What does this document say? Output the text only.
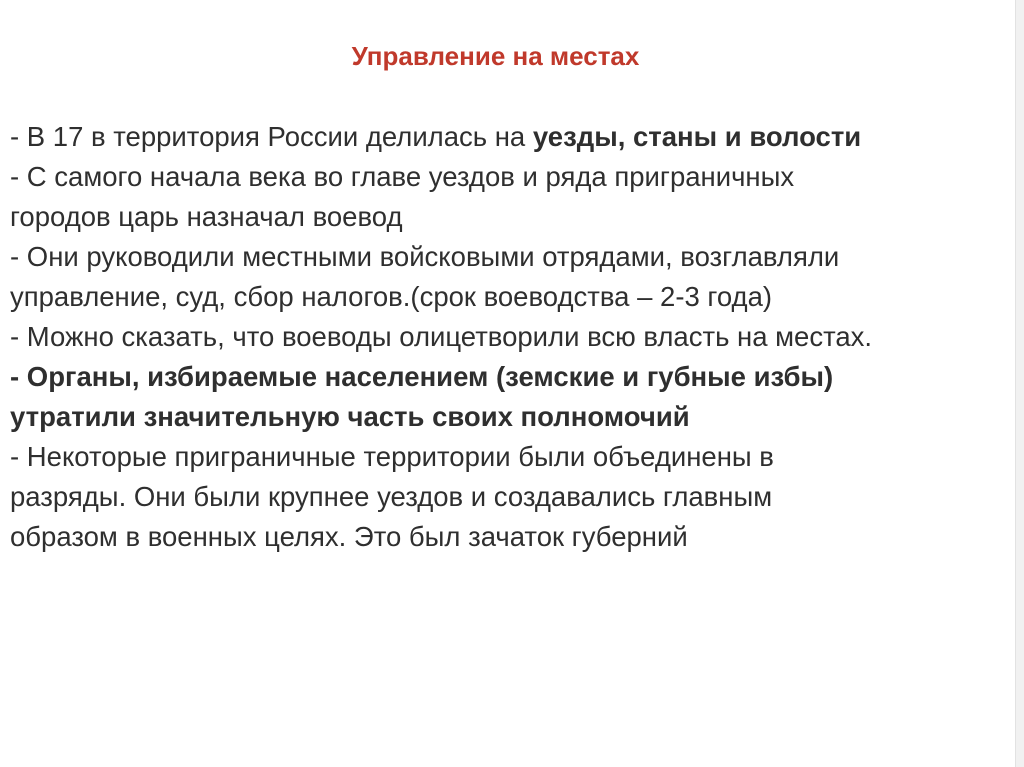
Управление на местах

- В 17 в территория России делилась на уезды, станы и волости

- С самого начала века во главе уездов и ряда приграничных
городов царь назначал воевод

- Они руководили местными войсковыми отрядами, возглавляли
управление, суд, сбор налогов.(срок воеводства – 2-3 года)

- Можно сказать, что воеводы олицетворили всю власть на местах.

- Органы, избираемые населением (земские и губные избы)
утратили значительную часть своих полномочий

- Некоторые приграничные территории были объединены в
разряды. Они были крупнее уездов и создавались главным
образом в военных целях. Это был зачаток губерний
